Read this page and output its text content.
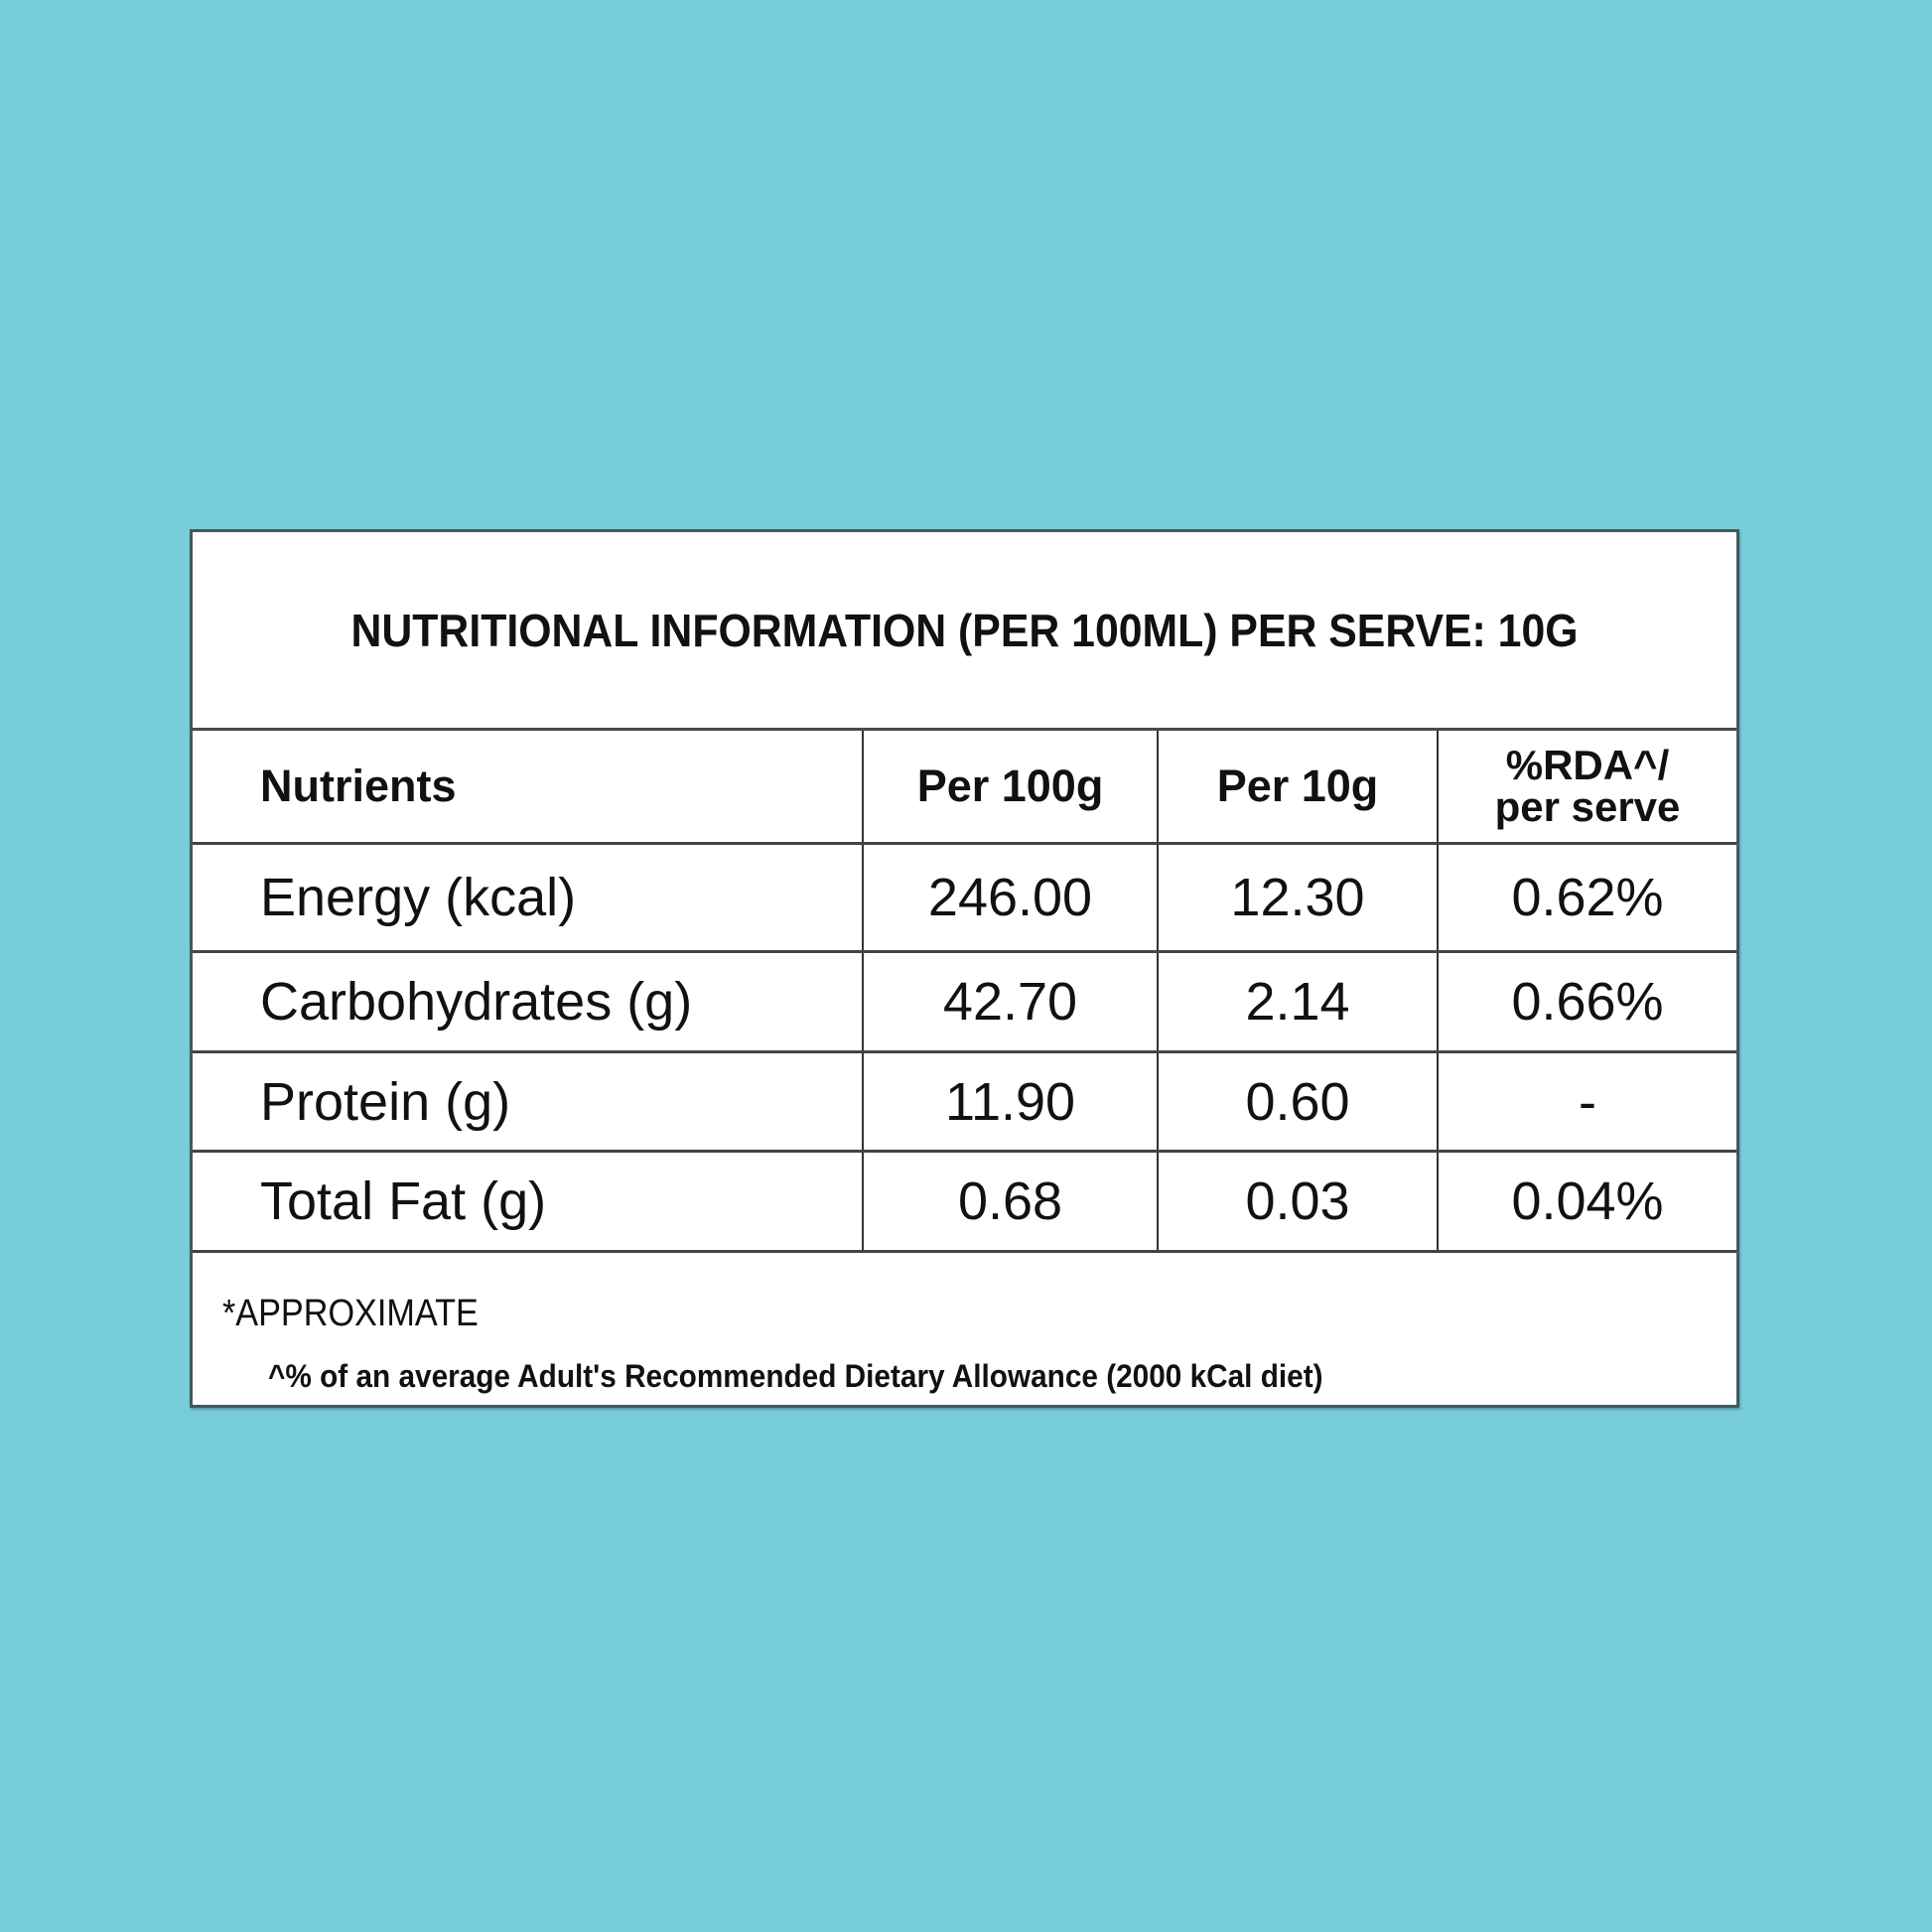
NUTRITIONAL INFORMATION (PER 100ML) PER SERVE: 10G
Nutrients	Per 100g	Per 10g	%RDA^/
per serve

Energy (kcal)	246.00	12.30	0.62%
Carbohydrates (g)	42.70	2.14	0.66%
Protein (g)	11.90	0.60	-
Total Fat (g)	0.68	0.03	0.04%
*APPROXIMATE
^% of an average Adult's Recommended Dietary Allowance (2000 kCal diet)
